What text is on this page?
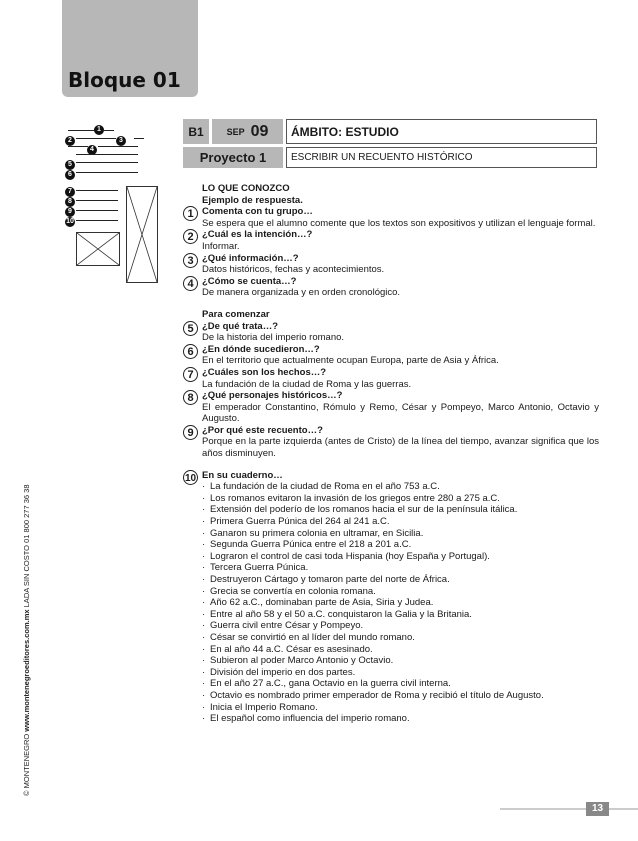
Bloque 01
© MONTENEGRO www.montenegroeditores.com.mx LADA SIN COSTO 01 800 277 36 38
1
2	3
4
5
6
7
8
9
10
B1	SEP 09	ÁMBITO: ESTUDIO
Proyecto 1	ESCRIBIR UN RECUENTO HISTÓRICO
LO QUE CONOZCO
Ejemplo de respuesta.
1 Comenta con tu grupo…
Se espera que el alumno comente que los textos son expositivos y utilizan el lenguaje formal.
2 ¿Cuál es la intención…?
Informar.
3 ¿Qué información…?
Datos históricos, fechas y acontecimientos.
4 ¿Cómo se cuenta…?
De manera organizada y en orden cronológico.
Para comenzar
5 ¿De qué trata…?
De la historia del imperio romano.
6 ¿En dónde sucedieron…?
En el territorio que actualmente ocupan Europa, parte de Asia y África.
7 ¿Cuáles son los hechos…?
La fundación de la ciudad de Roma y las guerras.
8 ¿Qué personajes históricos…?
El emperador Constantino, Rómulo y Remo, César y Pompeyo, Marco Antonio, Octavio y Augusto.
9 ¿Por qué este recuento…?
Porque en la parte izquierda (antes de Cristo) de la línea del tiempo, avanzar significa que los años disminuyen.
10 En su cuaderno…
· La fundación de la ciudad de Roma en el año 753 a.C.
· Los romanos evitaron la invasión de los griegos entre 280 a 275 a.C.
· Extensión del poderío de los romanos hacia el sur de la península itálica.
· Primera Guerra Púnica del 264 al 241 a.C.
· Ganaron su primera colonia en ultramar, en Sicilia.
· Segunda Guerra Púnica entre el 218 a 201 a.C.
· Lograron el control de casi toda Hispania (hoy España y Portugal).
· Tercera Guerra Púnica.
· Destruyeron Cártago y tomaron parte del norte de África.
· Grecia se convertía en colonia romana.
· Año 62 a.C., dominaban parte de Asia, Siria y Judea.
· Entre al año 58 y el 50 a.C. conquistaron la Galia y la Britania.
· Guerra civil entre César y Pompeyo.
· César se convirtió en al líder del mundo romano.
· En al año 44 a.C. César es asesinado.
· Subieron al poder Marco Antonio y Octavio.
· División del imperio en dos partes.
· En el año 27 a.C., gana Octavio en la guerra civil interna.
· Octavio es nombrado primer emperador de Roma y recibió el título de Augusto.
· Inicia el Imperio Romano.
· El español como influencia del imperio romano.
13
